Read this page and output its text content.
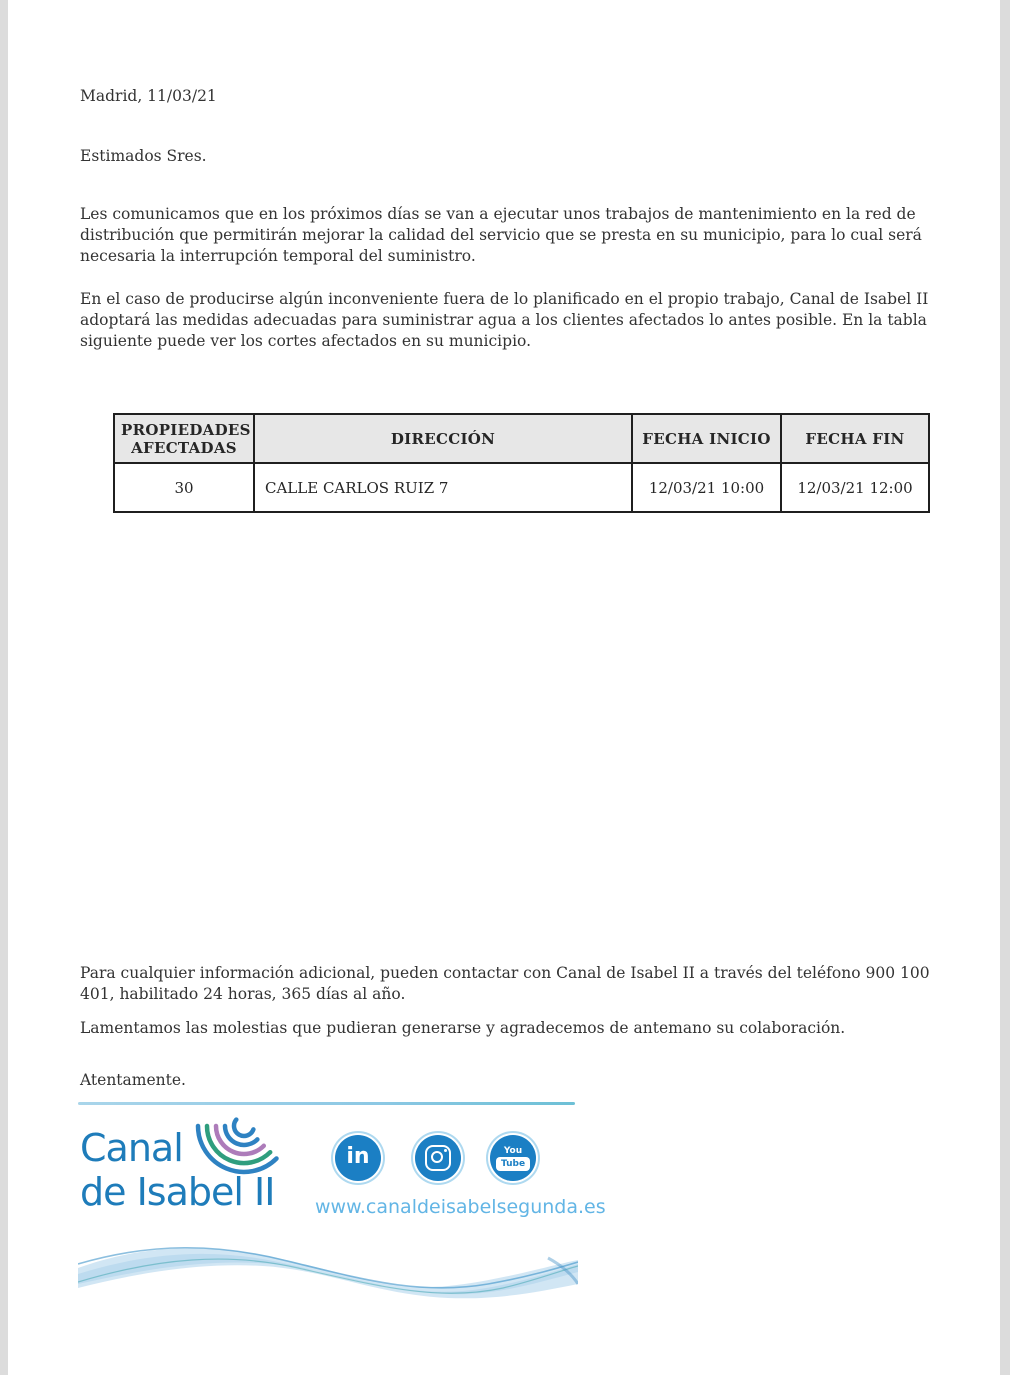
Madrid, 11/03/21
Estimados Sres.
Les comunicamos que en los próximos días se van a ejecutar unos trabajos de mantenimiento en la red de distribución que permitirán mejorar la calidad del servicio que se presta en su municipio, para lo cual será necesaria la interrupción temporal del suministro.
En el caso de producirse algún inconveniente fuera de lo planificado en el propio trabajo, Canal de Isabel II adoptará las medidas adecuadas para suministrar agua a los clientes afectados lo antes posible. En la tabla siguiente puede ver los cortes afectados en su municipio.
PROPIEDADES AFECTADAS	DIRECCIÓN	FECHA INICIO	FECHA FIN
30	CALLE CARLOS RUIZ 7	12/03/21 10:00	12/03/21 12:00
Para cualquier información adicional, pueden contactar con Canal de Isabel II a través del teléfono 900 100 401, habilitado 24 horas, 365 días al año.
Lamentamos las molestias que pudieran generarse y agradecemos de antemano su colaboración.
Atentamente.
Canal
de Isabel II
in	You
Tube
www.canaldeisabelsegunda.es
